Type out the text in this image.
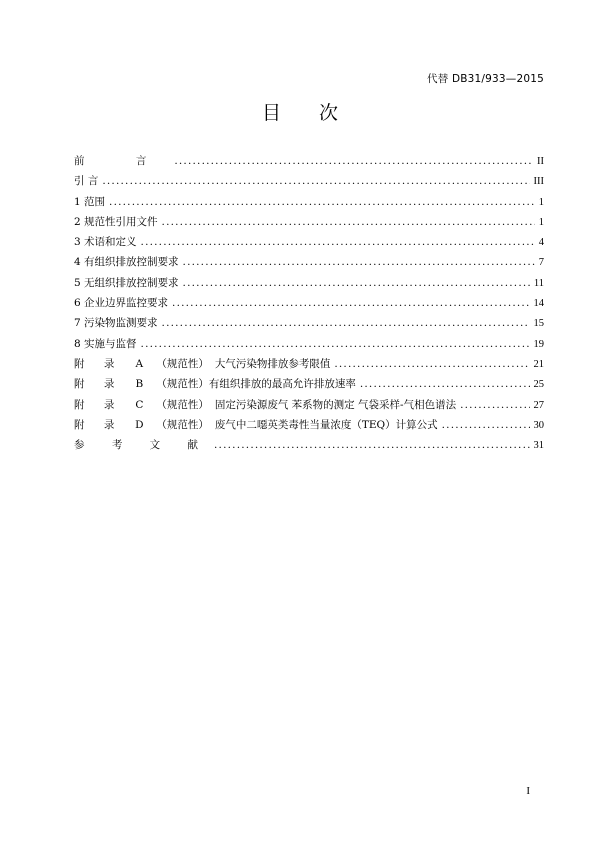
代替 DB31/933—2015
目 次
前 言 .....	II
引 言 .....	III
1 范围 .....	1
2 规范性引用文件 .....	1
3 术语和定义 .....	4
4 有组织排放控制要求 .....	7
5 无组织排放控制要求 .....	11
6 企业边界监控要求 .....	14
7 污染物监测要求 .....	15
8 实施与监督 .....	19
附 录 A （规范性） 大气污染物排放参考限值 .....	21
附 录 B （规范性）有组织排放的最高允许排放速率 .....	25
附 录 C （规范性） 固定污染源废气 苯系物的测定 气袋采样-气相色谱法 .....	27
附 录 D （规范性） 废气中二噁英类毒性当量浓度（TEQ）计算公式 .....	30
参 考 文 献 .....	31
I
